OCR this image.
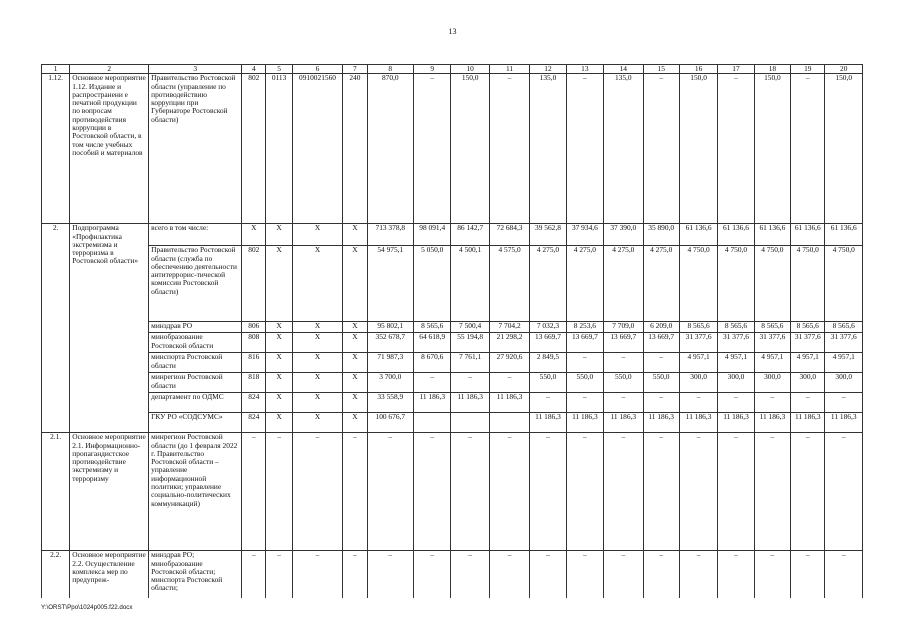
13
1	2	3	4	5	6	7	8	9	10	11	12	13	14	15	16	17	18	19	20
1.12.	Основное мероприятие 1.12. Издание и распространени е печатной продукции по вопросам противодействия коррупции в Ростовской области, в том числе учебных пособий и материалов	Правительство Ростовской области (управление по противодействию коррупции при Губернаторе Ростовской области)	802	0113	0910021560	240	870,0	–	150,0	–	135,0	–	135,0	–	150,0	–	150,0	–	150,0
2.	Подпрограмма «Профилактика экстремизма и терроризма в Ростовской области»	всего в том числе:	X	X	X	X	713 378,8	98 091,4	86 142,7	72 684,3	39 562,8	37 934,6	37 390,0	35 890,0	61 136,6	61 136,6	61 136,6	61 136,6	61 136,6
		Правительство Ростовской области (служба по обеспечению деятельности антитеррорис-тической комиссии Ростовской области)	802	X	X	X	54 975,1	5 050,0	4 500,1	4 575,0	4 275,0	4 275,0	4 275,0	4 275,0	4 750,0	4 750,0	4 750,0	4 750,0	4 750,0
		минздрав РО	806	X	X	X	95 802,1	8 565,6	7 500,4	7 704,2	7 032,3	8 253,6	7 709,0	6 209,0	8 565,6	8 565,6	8 565,6	8 565,6	8 565,6
		минобразование Ростовской области	808	X	X	X	352 678,7	64 618,9	55 194,8	21 298,2	13 669,7	13 669,7	13 669,7	13 669,7	31 377,6	31 377,6	31 377,6	31 377,6	31 377,6
		минспорта Ростовской области	816	X	X	X	71 987,3	8 670,6	7 761,1	27 920,6	2 849,5	–	–	–	4 957,1	4 957,1	4 957,1	4 957,1	4 957,1
		минрегион Ростовской области	818	X	X	X	3 700,0	–	–	–	550,0	550,0	550,0	550,0	300,0	300,0	300,0	300,0	300,0
		департамент по ОДМС	824	X	X	X	33 558,9	11 186,3	11 186,3	11 186,3	–	–	–	–	–	–	–	–	–
		ГКУ РО «СОДСУМС»	824	X	X	X	100 676,7				11 186,3	11 186,3	11 186,3	11 186,3	11 186,3	11 186,3	11 186,3	11 186,3	11 186,3
2.1.	Основное мероприятие 2.1. Информационно-пропагандистское противодействие экстремизму и терроризму	минрегион Ростовской области (до 1 февраля 2022 г. Правительство Ростовской области – управление информационной политики; управление социально-политических коммуникаций)	–	–	–	–	–	–	–	–	–	–	–	–	–	–	–	–	–
2.2.	Основное мероприятие 2.2. Осуществление комплекса мер по предупреж-	минздрав РО; минобразование Ростовской области; минспорта Ростовской области;	–	–	–	–	–	–	–	–	–	–	–	–	–	–	–	–	–
Y:\ORST\Ppo\1024p005.f22.docx
